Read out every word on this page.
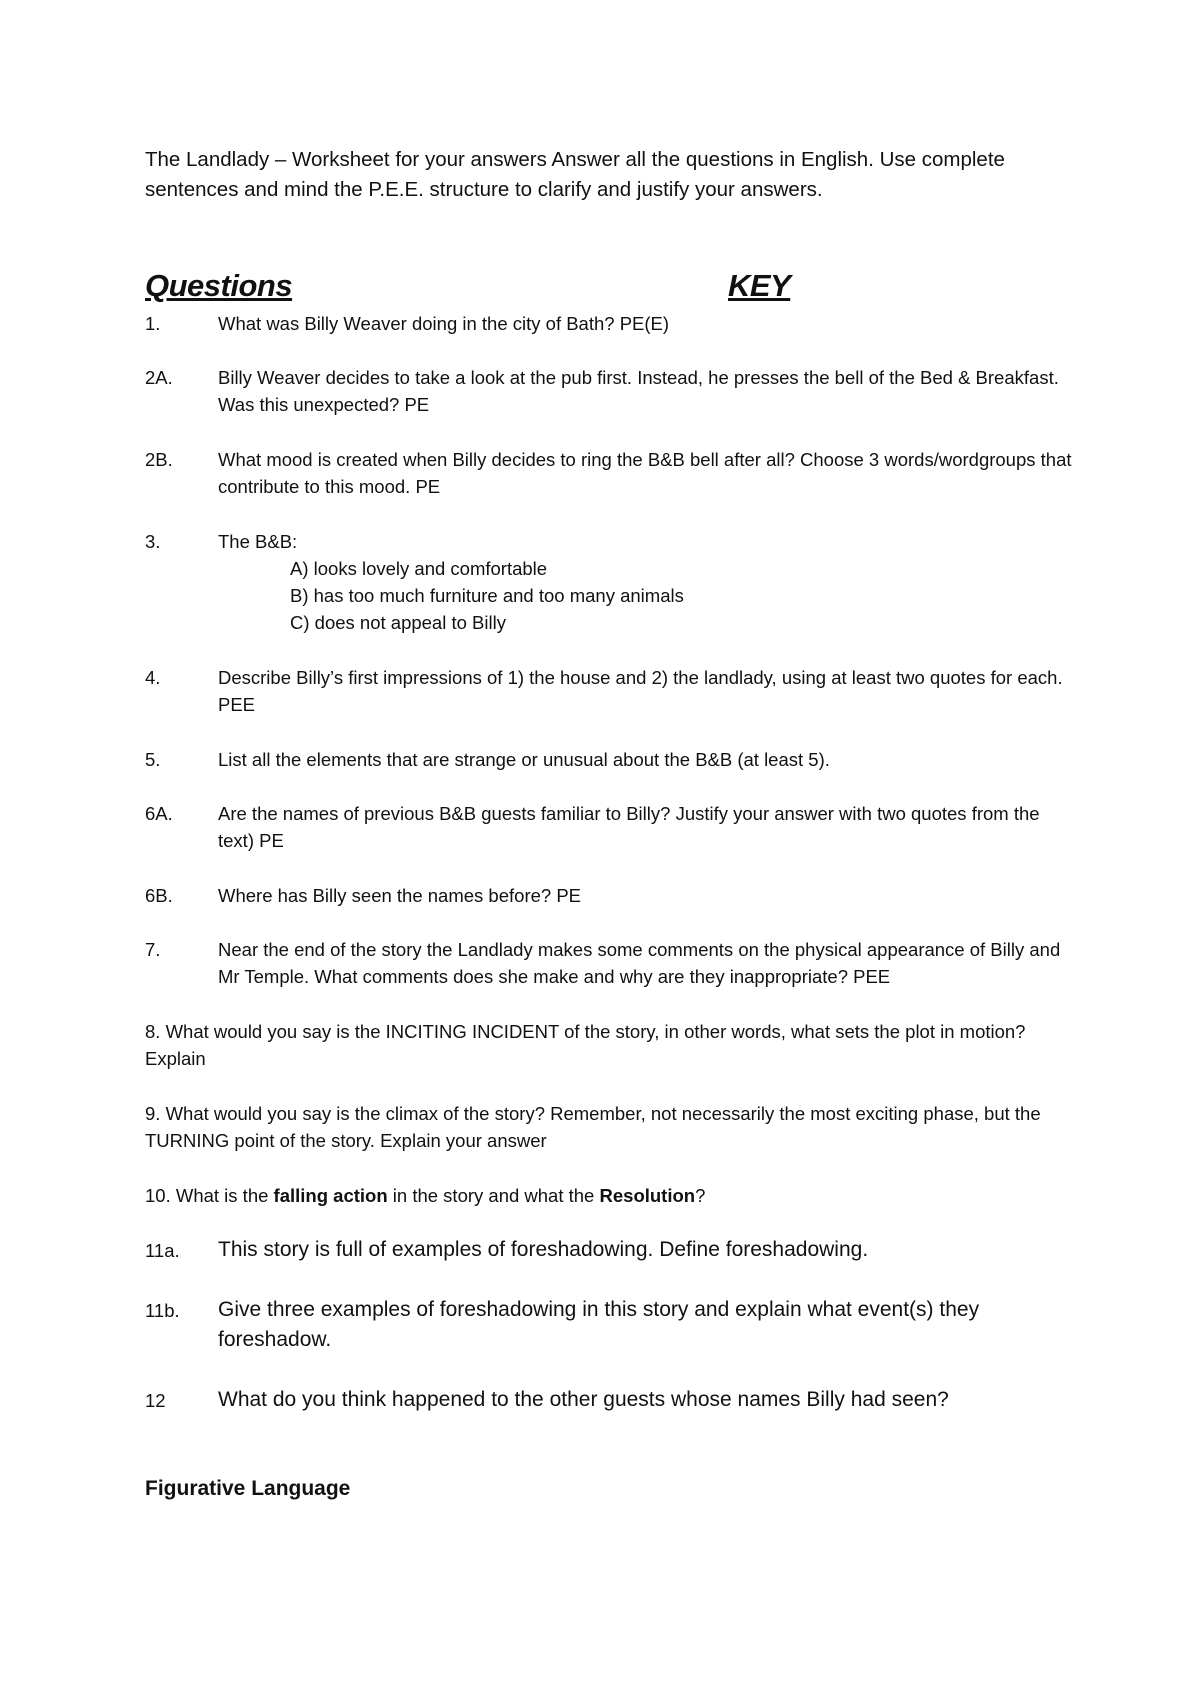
The Landlady – Worksheet for your answers Answer all the questions in English. Use complete sentences and mind the P.E.E. structure to clarify and justify your answers.
Questions	KEY
1.	What was Billy Weaver doing in the city of Bath? PE(E)
2A. Billy Weaver decides to take a look at the pub first. Instead, he presses the bell of the Bed & Breakfast. Was this unexpected? PE
2B. What mood is created when Billy decides to ring the B&B bell after all? Choose 3 words/wordgroups that contribute to this mood. PE
3.	The B&B:
A) looks lovely and comfortable
B) has too much furniture and too many animals
C) does not appeal to Billy
4.	Describe Billy’s first impressions of 1) the house and 2) the landlady, using at least two quotes for each. PEE
5.	List all the elements that are strange or unusual about the B&B (at least 5).
6A. Are the names of previous B&B guests familiar to Billy? Justify your answer with two quotes from the text) PE
6B. Where has Billy seen the names before? PE
7.	Near the end of the story the Landlady makes some comments on the physical appearance of Billy and Mr Temple. What comments does she make and why are they inappropriate? PEE
8. What would you say is the INCITING INCIDENT of the story, in other words, what sets the plot in motion? Explain
9. What would you say is the climax of the story? Remember, not necessarily the most exciting phase, but the TURNING point of the story. Explain your answer
10. What is the falling action in the story and what the Resolution?
11a. This story is full of examples of foreshadowing. Define foreshadowing.
11b. Give three examples of foreshadowing in this story and explain what event(s) they foreshadow.
12 What do you think happened to the other guests whose names Billy had seen?
Figurative Language
